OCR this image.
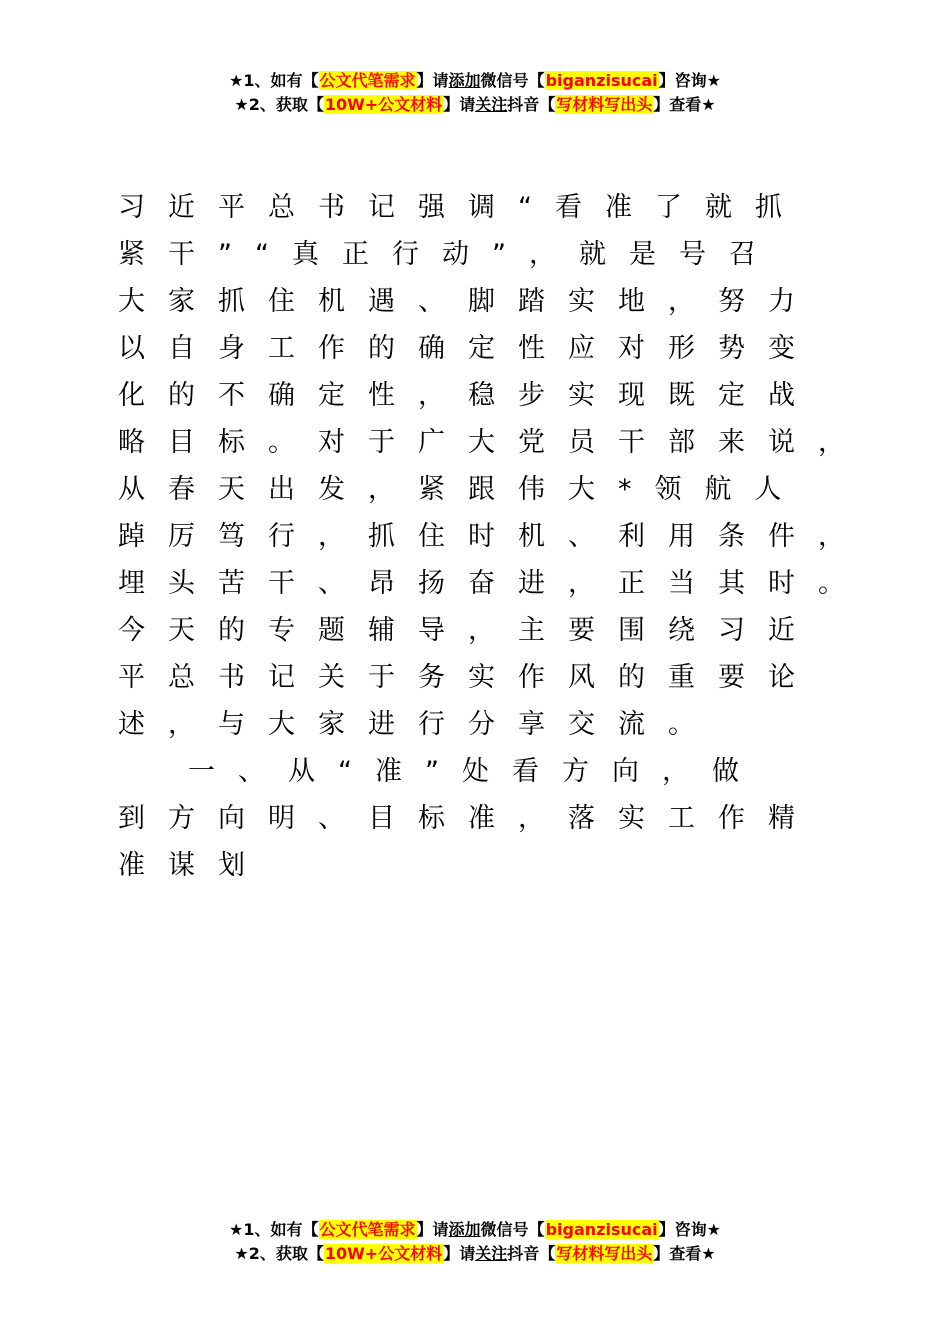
★1、如有【公文代笔需求】请添加微信号【biganzisucai】咨询★
★2、获取【10W+公文材料】请关注抖音【写材料写出头】查看★
习近平总书记强调“看准了就抓
紧干”“真正行动”，就是号召
大家抓住机遇、脚踏实地，努力
以自身工作的确定性应对形势变
化的不确定性，稳步实现既定战
略目标。对于广大党员干部来说，
从春天出发，紧跟伟大*领航人
踔厉笃行，抓住时机、利用条件，
埋头苦干、昂扬奋进，正当其时。
今天的专题辅导，主要围绕习近
平总书记关于务实作风的重要论
述，与大家进行分享交流。
一、从“准”处看方向，做
到方向明、目标准，落实工作精
准谋划
★1、如有【公文代笔需求】请添加微信号【biganzisucai】咨询★
★2、获取【10W+公文材料】请关注抖音【写材料写出头】查看★
